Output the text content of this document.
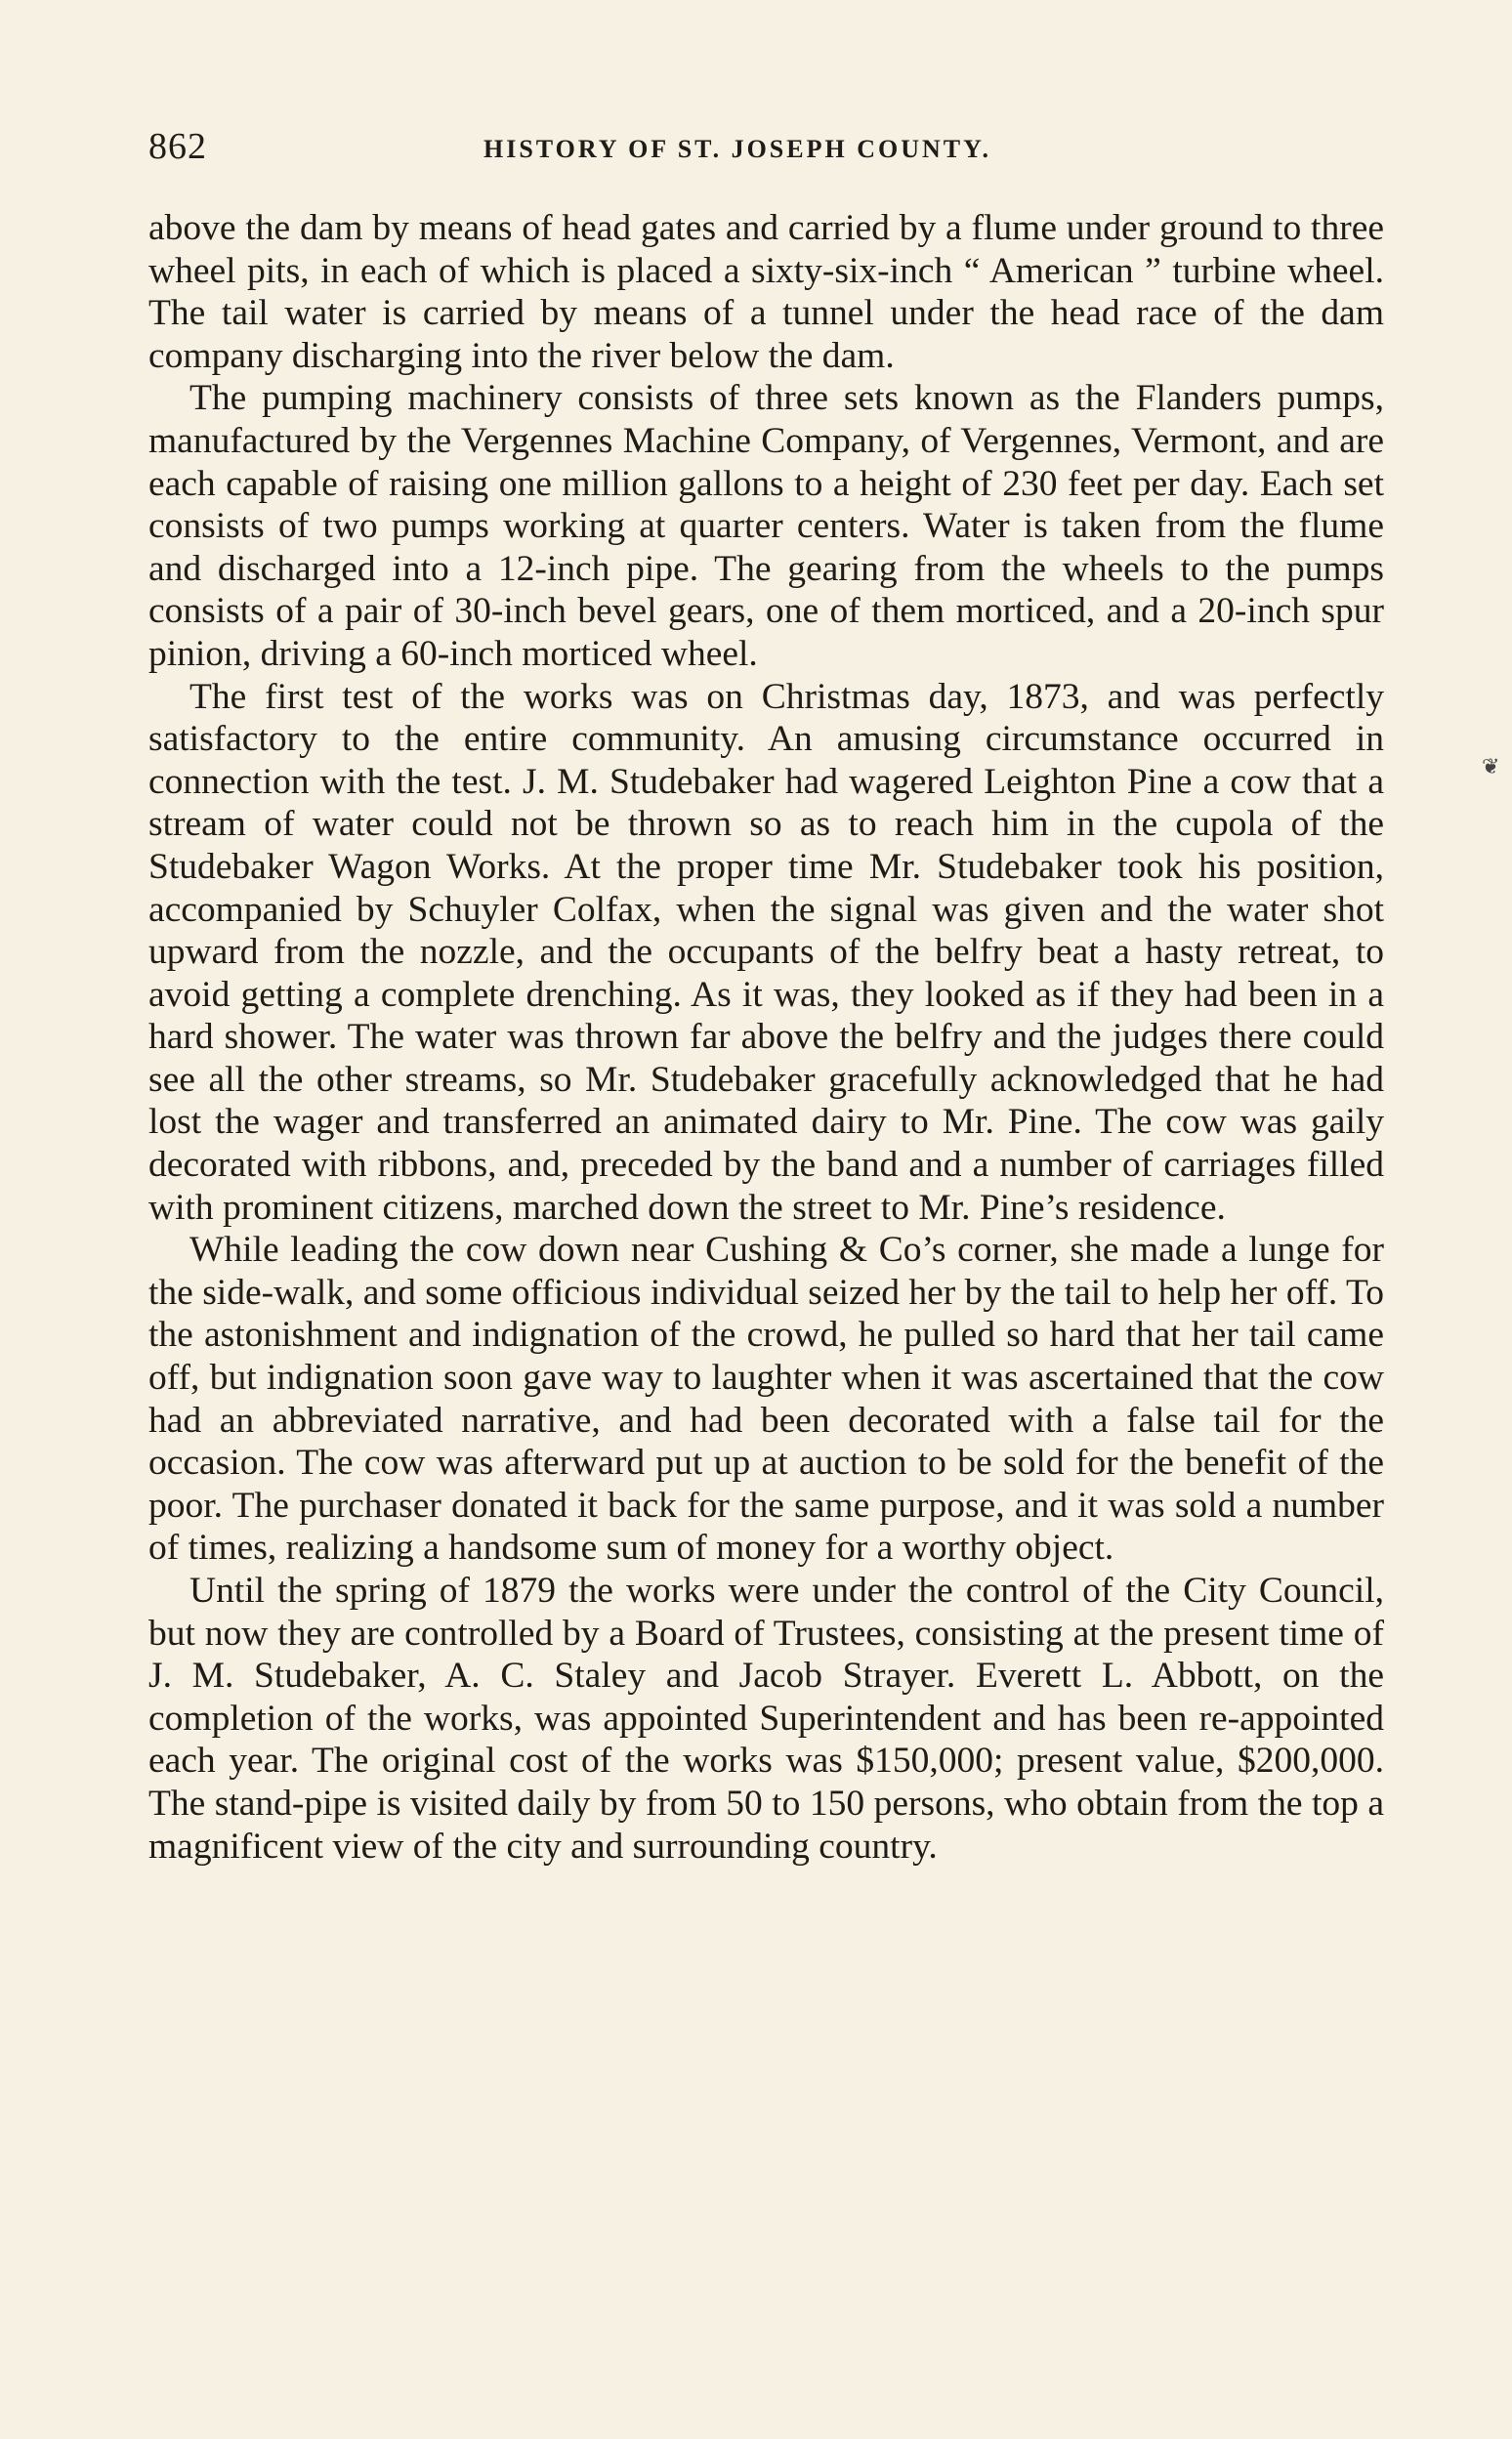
862	HISTORY OF ST. JOSEPH COUNTY.

above the dam by means of head gates and carried by a flume under ground to three wheel pits, in each of which is placed a sixty-six-inch “ American ” turbine wheel. The tail water is carried by means of a tunnel under the head race of the dam company discharging into the river below the dam.

The pumping machinery consists of three sets known as the Flanders pumps, manufactured by the Vergennes Machine Company, of Vergennes, Vermont, and are each capable of raising one million gallons to a height of 230 feet per day. Each set consists of two pumps working at quarter centers. Water is taken from the flume and discharged into a 12-inch pipe. The gearing from the wheels to the pumps consists of a pair of 30-inch bevel gears, one of them morticed, and a 20-inch spur pinion, driving a 60-inch morticed wheel.

The first test of the works was on Christmas day, 1873, and was perfectly satisfactory to the entire community. An amusing circumstance occurred in connection with the test. J. M. Studebaker had wagered Leighton Pine a cow that a stream of water could not be thrown so as to reach him in the cupola of the Studebaker Wagon Works. At the proper time Mr. Studebaker took his position, accompanied by Schuyler Colfax, when the signal was given and the water shot upward from the nozzle, and the occupants of the belfry beat a hasty retreat, to avoid getting a complete drenching. As it was, they looked as if they had been in a hard shower. The water was thrown far above the belfry and the judges there could see all the other streams, so Mr. Studebaker gracefully acknowledged that he had lost the wager and transferred an animated dairy to Mr. Pine. The cow was gaily decorated with ribbons, and, preceded by the band and a number of carriages filled with prominent citizens, marched down the street to Mr. Pine’s residence.

While leading the cow down near Cushing & Co’s corner, she made a lunge for the side-walk, and some officious individual seized her by the tail to help her off. To the astonishment and indignation of the crowd, he pulled so hard that her tail came off, but indignation soon gave way to laughter when it was ascertained that the cow had an abbreviated narrative, and had been decorated with a false tail for the occasion. The cow was afterward put up at auction to be sold for the benefit of the poor. The purchaser donated it back for the same purpose, and it was sold a number of times, realizing a handsome sum of money for a worthy object.

Until the spring of 1879 the works were under the control of the City Council, but now they are controlled by a Board of Trustees, consisting at the present time of J. M. Studebaker, A. C. Staley and Jacob Strayer. Everett L. Abbott, on the completion of the works, was appointed Superintendent and has been re-appointed each year. The original cost of the works was $150,000; present value, $200,000. The stand-pipe is visited daily by from 50 to 150 persons, who obtain from the top a magnificent view of the city and surrounding country.

❦
